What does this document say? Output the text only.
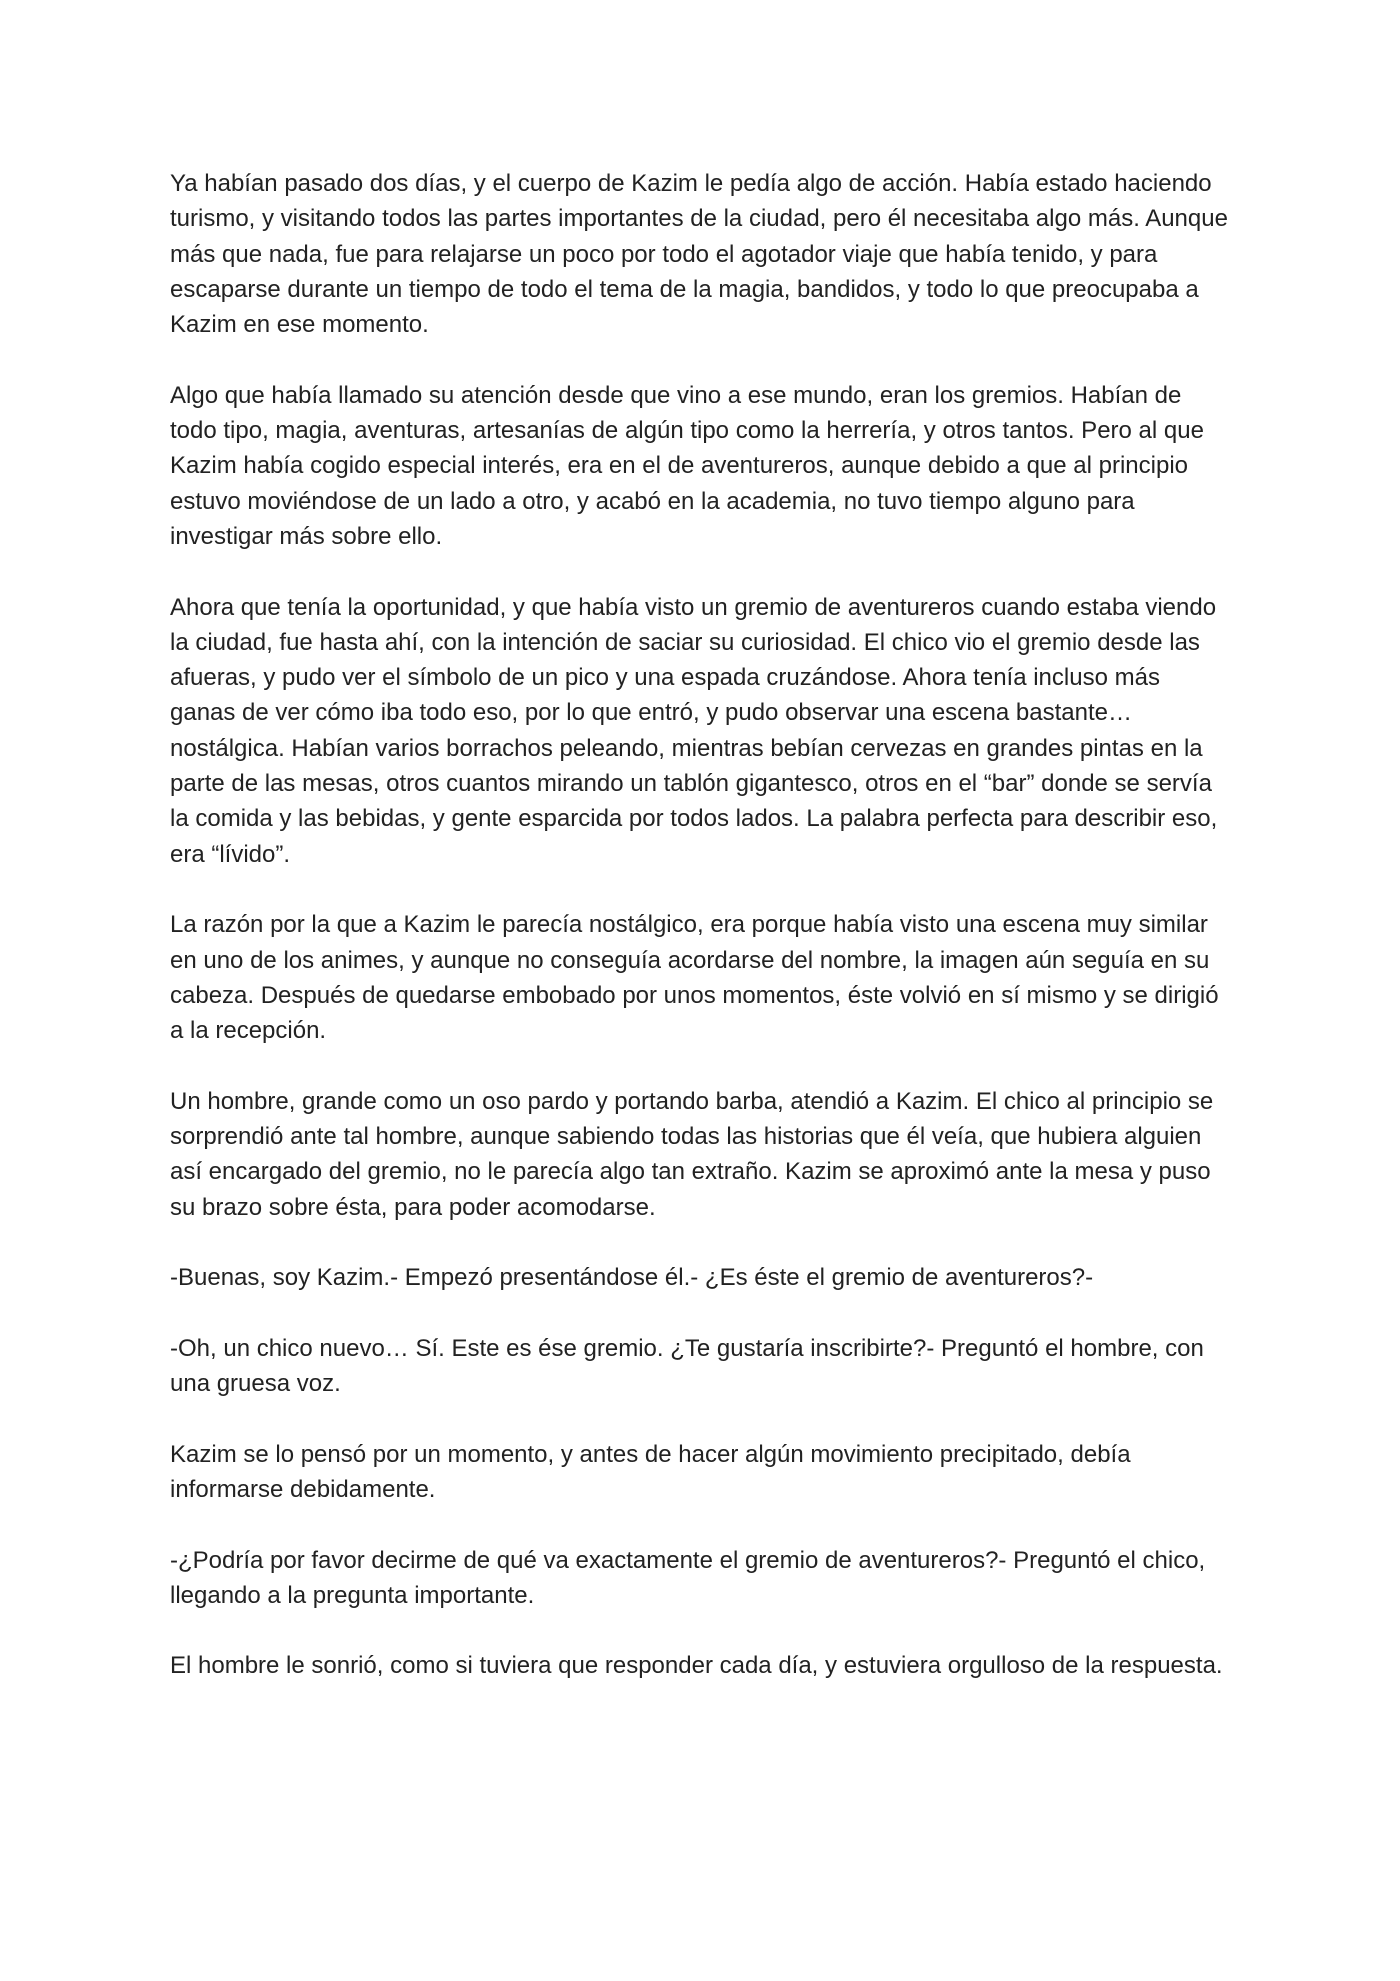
Ya habían pasado dos días, y el cuerpo de Kazim le pedía algo de acción. Había estado haciendo turismo, y visitando todos las partes importantes de la ciudad, pero él necesitaba algo más. Aunque más que nada, fue para relajarse un poco por todo el agotador viaje que había tenido, y para escaparse durante un tiempo de todo el tema de la magia, bandidos, y todo lo que preocupaba a Kazim en ese momento.

Algo que había llamado su atención desde que vino a ese mundo, eran los gremios. Habían de todo tipo, magia, aventuras, artesanías de algún tipo como la herrería, y otros tantos. Pero al que Kazim había cogido especial interés, era en el de aventureros, aunque debido a que al principio estuvo moviéndose de un lado a otro, y acabó en la academia, no tuvo tiempo alguno para investigar más sobre ello.

Ahora que tenía la oportunidad, y que había visto un gremio de aventureros cuando estaba viendo la ciudad, fue hasta ahí, con la intención de saciar su curiosidad. El chico vio el gremio desde las afueras, y pudo ver el símbolo de un pico y una espada cruzándose. Ahora tenía incluso más ganas de ver cómo iba todo eso, por lo que entró, y pudo observar una escena bastante… nostálgica. Habían varios borrachos peleando, mientras bebían cervezas en grandes pintas en la parte de las mesas, otros cuantos mirando un tablón gigantesco, otros en el “bar” donde se servía la comida y las bebidas, y gente esparcida por todos lados. La palabra perfecta para describir eso, era “lívido”.

La razón por la que a Kazim le parecía nostálgico, era porque había visto una escena muy similar en uno de los animes, y aunque no conseguía acordarse del nombre, la imagen aún seguía en su cabeza. Después de quedarse embobado por unos momentos, éste volvió en sí mismo y se dirigió a la recepción.

Un hombre, grande como un oso pardo y portando barba, atendió a Kazim. El chico al principio se sorprendió ante tal hombre, aunque sabiendo todas las historias que él veía, que hubiera alguien así encargado del gremio, no le parecía algo tan extraño. Kazim se aproximó ante la mesa y puso su brazo sobre ésta, para poder acomodarse.

-Buenas, soy Kazim.- Empezó presentándose él.- ¿Es éste el gremio de aventureros?-

-Oh, un chico nuevo… Sí. Este es ése gremio. ¿Te gustaría inscribirte?- Preguntó el hombre, con una gruesa voz.

Kazim se lo pensó por un momento, y antes de hacer algún movimiento precipitado, debía informarse debidamente.

-¿Podría por favor decirme de qué va exactamente el gremio de aventureros?- Preguntó el chico, llegando a la pregunta importante.

El hombre le sonrió, como si tuviera que responder cada día, y estuviera orgulloso de la respuesta.
